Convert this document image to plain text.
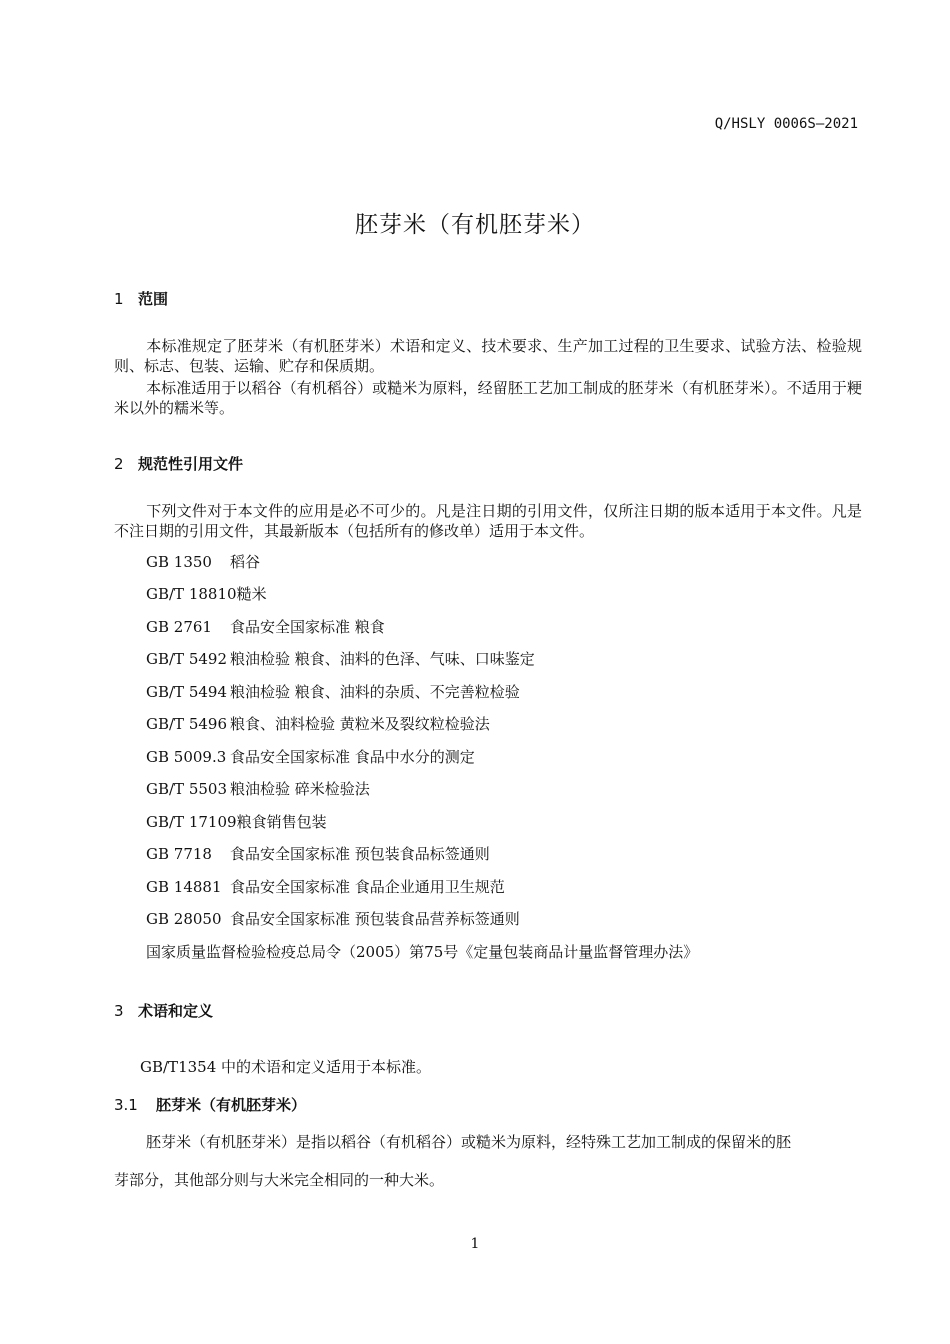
Q/HSLY 0006S—2021
胚芽米（有机胚芽米）
1 范围
本标准规定了胚芽米（有机胚芽米）术语和定义、技术要求、生产加工过程的卫生要求、试验方法、检验规则、标志、包装、运输、贮存和保质期。
本标准适用于以稻谷（有机稻谷）或糙米为原料，经留胚工艺加工制成的胚芽米（有机胚芽米）。不适用于粳米以外的糯米等。
2 规范性引用文件
下列文件对于本文件的应用是必不可少的。凡是注日期的引用文件，仅所注日期的版本适用于本文件。凡是不注日期的引用文件，其最新版本（包括所有的修改单）适用于本文件。
GB 1350 稻谷
GB/T 18810糙米
GB 2761 食品安全国家标准 粮食
GB/T 5492 粮油检验 粮食、油料的色泽、气味、口味鉴定
GB/T 5494 粮油检验 粮食、油料的杂质、不完善粒检验
GB/T 5496 粮食、油料检验 黄粒米及裂纹粒检验法
GB 5009.3 食品安全国家标准 食品中水分的测定
GB/T 5503 粮油检验 碎米检验法
GB/T 17109粮食销售包装
GB 7718 食品安全国家标准 预包装食品标签通则
GB 14881 食品安全国家标准 食品企业通用卫生规范
GB 28050 食品安全国家标准 预包装食品营养标签通则
国家质量监督检验检疫总局令（2005）第75号《定量包装商品计量监督管理办法》
3 术语和定义
GB/T1354 中的术语和定义适用于本标准。
3.1 胚芽米（有机胚芽米）
胚芽米（有机胚芽米）是指以稻谷（有机稻谷）或糙米为原料，经特殊工艺加工制成的保留米的胚
芽部分，其他部分则与大米完全相同的一种大米。
1
